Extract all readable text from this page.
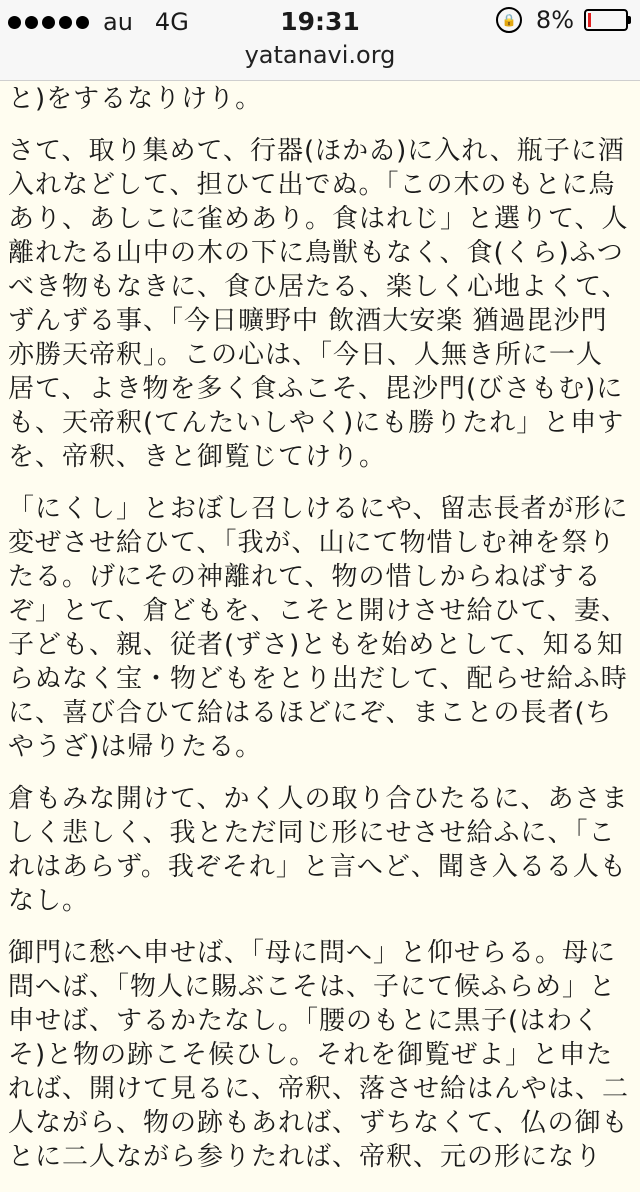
au 4G	19:31	🔒 8%
yatanavi.org
と)をするなりけり。
さて、取り集めて、行器(ほかゐ)に入れ、瓶子に酒
入れなどして、担ひて出でぬ。「この木のもとに烏
あり、あしこに雀めあり。食はれじ」と選りて、人
離れたる山中の木の下に鳥獣もなく、食(くら)ふつ
べき物もなきに、食ひ居たる、楽しく心地よくて、
ずんずる事、「今日曠野中 飲酒大安楽 猶過毘沙門
亦勝天帝釈」。この心は、「今日、人無き所に一人
居て、よき物を多く食ふこそ、毘沙門(びさもむ)に
も、天帝釈(てんたいしやく)にも勝りたれ」と申す
を、帝釈、きと御覧じてけり。
「にくし」とおぼし召しけるにや、留志長者が形に
変ぜさせ給ひて、「我が、山にて物惜しむ神を祭り
たる。げにその神離れて、物の惜しからねばする
ぞ」とて、倉どもを、こそと開けさせ給ひて、妻、
子ども、親、従者(ずさ)ともを始めとして、知る知
らぬなく宝・物どもをとり出だして、配らせ給ふ時
に、喜び合ひて給はるほどにぞ、まことの長者(ち
やうざ)は帰りたる。
倉もみな開けて、かく人の取り合ひたるに、あさま
しく悲しく、我とただ同じ形にせさせ給ふに、「こ
れはあらず。我ぞそれ」と言へど、聞き入るる人も
なし。
御門に愁へ申せば、「母に問へ」と仰せらる。母に
問へば、「物人に賜ぶこそは、子にて候ふらめ」と
申せば、するかたなし。「腰のもとに黒子(はわく
そ)と物の跡こそ候ひし。それを御覧ぜよ」と申た
れば、開けて見るに、帝釈、落させ給はんやは、二
人ながら、物の跡もあれば、ずちなくて、仏の御も
とに二人ながら参りたれば、帝釈、元の形になり
